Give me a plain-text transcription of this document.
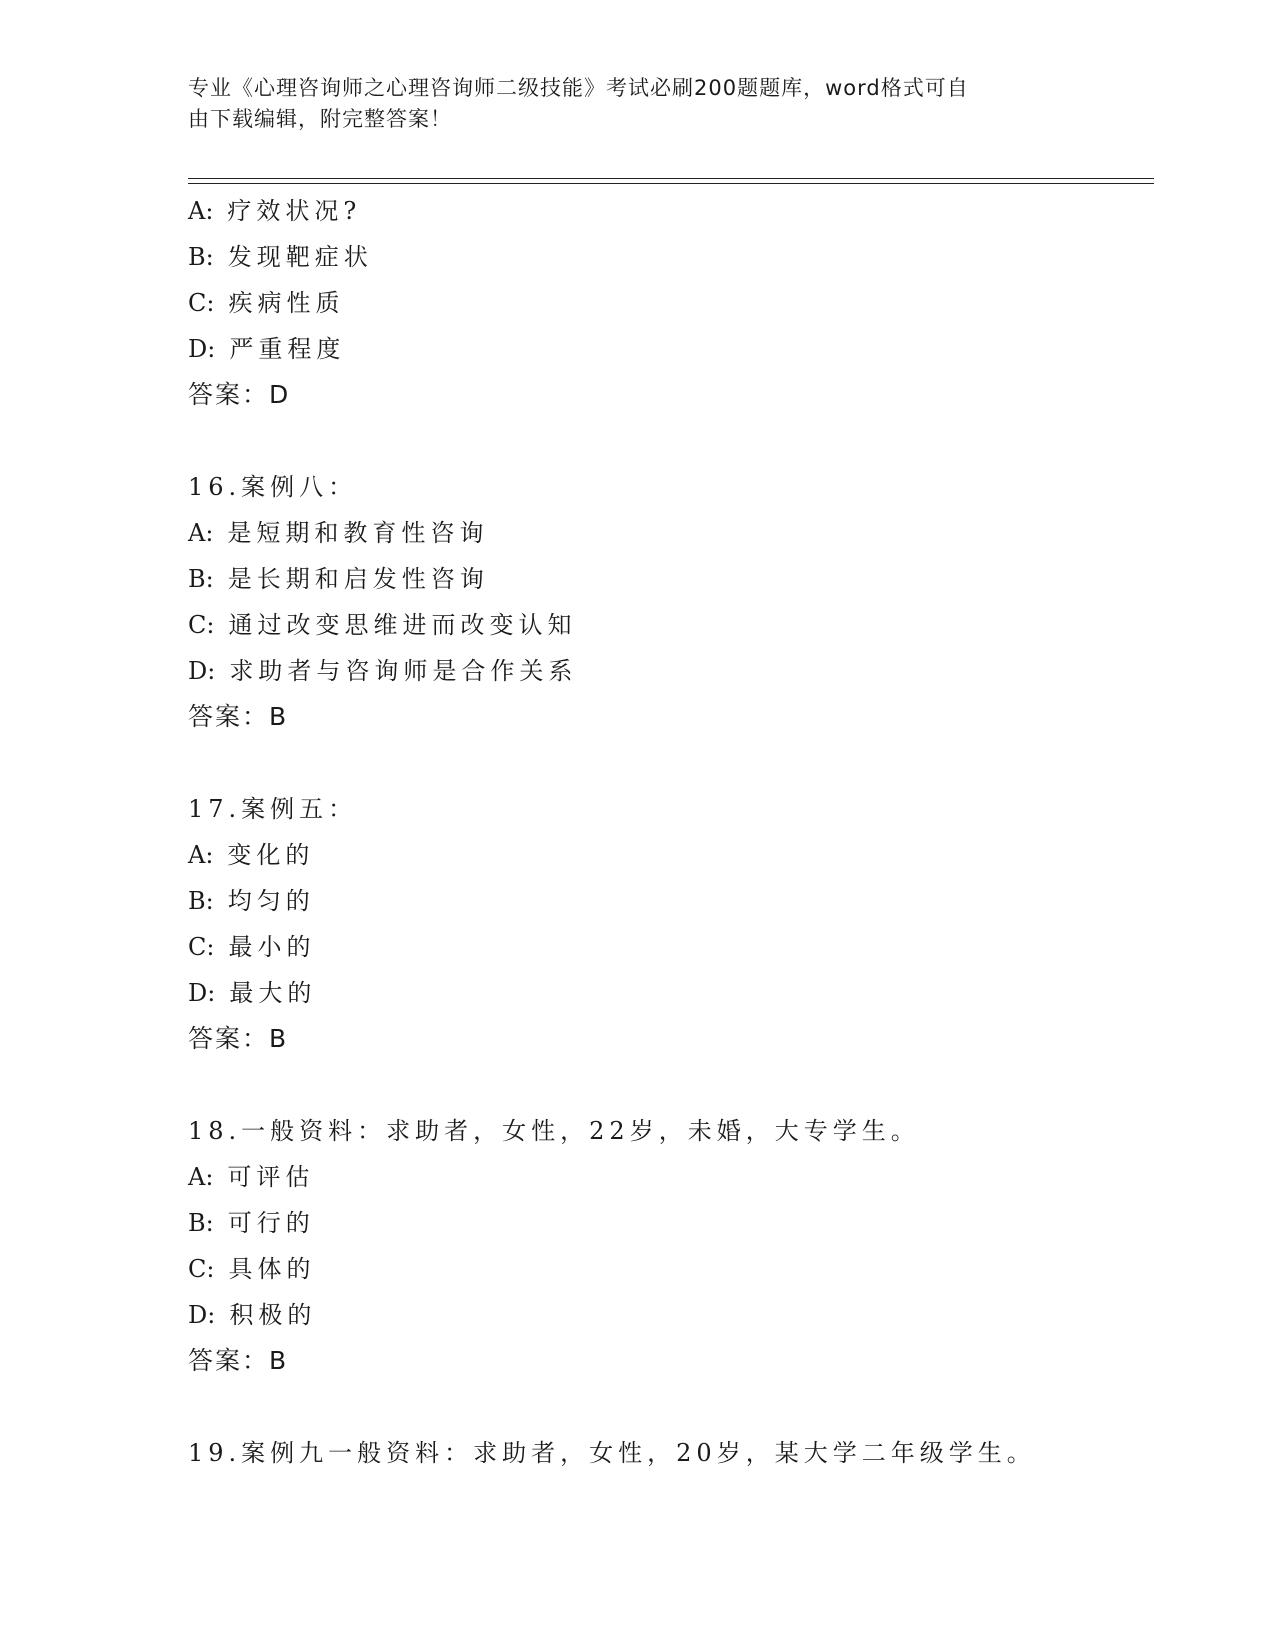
专业《心理咨询师之心理咨询师二级技能》考试必刷200题题库，word格式可自
由下载编辑，附完整答案！
A: 疗效状况?
B: 发现靶症状
C: 疾病性质
D: 严重程度
答案：D
16.案例八：
A: 是短期和教育性咨询
B: 是长期和启发性咨询
C: 通过改变思维进而改变认知
D: 求助者与咨询师是合作关系
答案：B
17.案例五：
A: 变化的
B: 均匀的
C: 最小的
D: 最大的
答案：B
18.一般资料：求助者，女性，22岁，未婚，大专学生。
A: 可评估
B: 可行的
C: 具体的
D: 积极的
答案：B
19.案例九一般资料：求助者，女性，20岁，某大学二年级学生。
